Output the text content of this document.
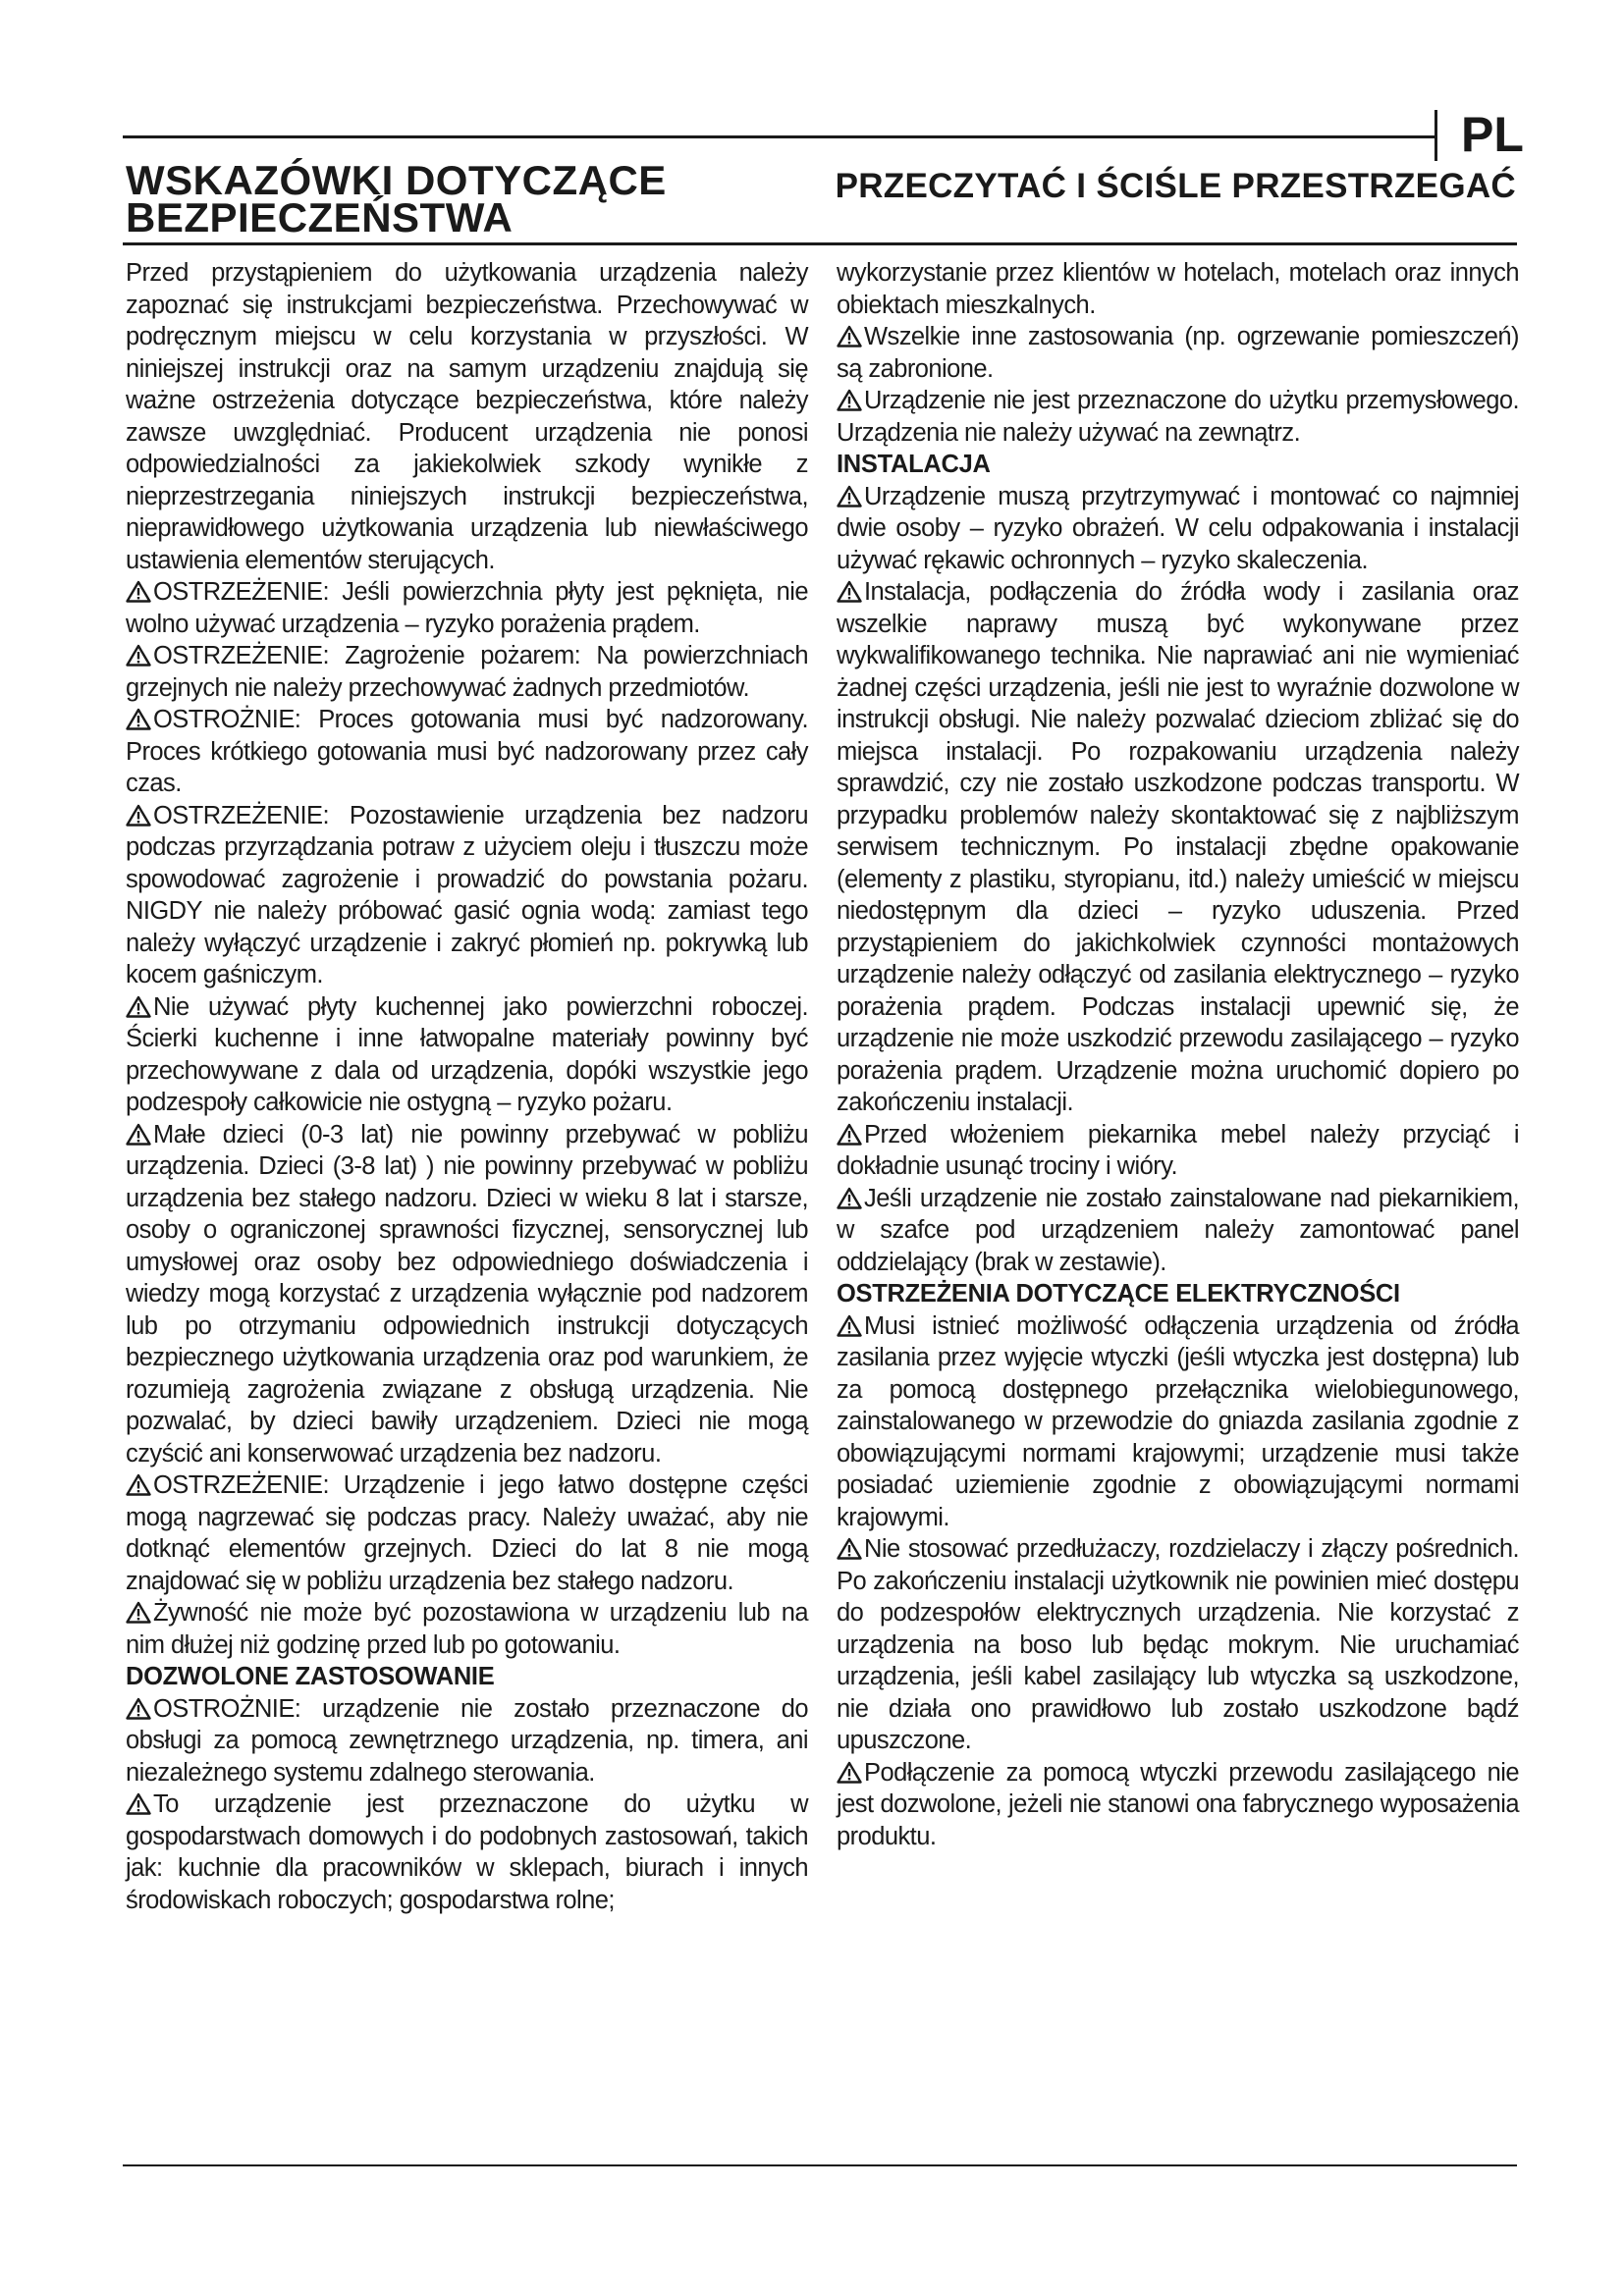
PL
WSKAZÓWKI DOTYCZĄCE BEZPIECZEŃSTWA
PRZECZYTAĆ I ŚCIŚLE PRZESTRZEGAĆ

Przed przystąpieniem do użytkowania urządzenia należy zapoznać się instrukcjami bezpieczeństwa. Przechowywać w podręcznym miejscu w celu korzystania w przyszłości. W niniejszej instrukcji oraz na samym urządzeniu znajdują się ważne ostrzeżenia dotyczące bezpieczeństwa, które należy zawsze uwzględniać. Producent urządzenia nie ponosi odpowiedzialności za jakiekolwiek szkody wynikłe z nieprzestrzegania niniejszych instrukcji bezpieczeństwa, nieprawidłowego użytkowania urządzenia lub niewłaściwego ustawienia elementów sterujących.

OSTRZEŻENIE: Jeśli powierzchnia płyty jest pęknięta, nie wolno używać urządzenia – ryzyko porażenia prądem.

OSTRZEŻENIE: Zagrożenie pożarem: Na powierzchniach grzejnych nie należy przechowywać żadnych przedmiotów.

OSTROŻNIE: Proces gotowania musi być nadzorowany. Proces krótkiego gotowania musi być nadzorowany przez cały czas.

OSTRZEŻENIE: Pozostawienie urządzenia bez nadzoru podczas przyrządzania potraw z użyciem oleju i tłuszczu może spowodować zagrożenie i prowadzić do powstania pożaru. NIGDY nie należy próbować gasić ognia wodą: zamiast tego należy wyłączyć urządzenie i zakryć płomień np. pokrywką lub kocem gaśniczym.

Nie używać płyty kuchennej jako powierzchni roboczej. Ścierki kuchenne i inne łatwopalne materiały powinny być przechowywane z dala od urządzenia, dopóki wszystkie jego podzespoły całkowicie nie ostygną – ryzyko pożaru.

Małe dzieci (0-3 lat) nie powinny przebywać w pobliżu urządzenia. Dzieci (3-8 lat) ) nie powinny przebywać w pobliżu urządzenia bez stałego nadzoru. Dzieci w wieku 8 lat i starsze, osoby o ograniczonej sprawności fizycznej, sensorycznej lub umysłowej oraz osoby bez odpowiedniego doświadczenia i wiedzy mogą korzystać z urządzenia wyłącznie pod nadzorem lub po otrzymaniu odpowiednich instrukcji dotyczących bezpiecznego użytkowania urządzenia oraz pod warunkiem, że rozumieją zagrożenia związane z obsługą urządzenia. Nie pozwalać, by dzieci bawiły urządzeniem. Dzieci nie mogą czyścić ani konserwować urządzenia bez nadzoru.

OSTRZEŻENIE: Urządzenie i jego łatwo dostępne części mogą nagrzewać się podczas pracy. Należy uważać, aby nie dotknąć elementów grzejnych. Dzieci do lat 8 nie mogą znajdować się w pobliżu urządzenia bez stałego nadzoru.

Żywność nie może być pozostawiona w urządzeniu lub na nim dłużej niż godzinę przed lub po gotowaniu.

DOZWOLONE ZASTOSOWANIE

OSTROŻNIE: urządzenie nie zostało przeznaczone do obsługi za pomocą zewnętrznego urządzenia, np. timera, ani niezależnego systemu zdalnego sterowania.

To urządzenie jest przeznaczone do użytku w gospodarstwach domowych i do podobnych zastosowań, takich jak: kuchnie dla pracowników w sklepach, biurach i innych środowiskach roboczych; gospodarstwa rolne;

wykorzystanie przez klientów w hotelach, motelach oraz innych obiektach mieszkalnych.

Wszelkie inne zastosowania (np. ogrzewanie pomieszczeń) są zabronione.

Urządzenie nie jest przeznaczone do użytku przemysłowego. Urządzenia nie należy używać na zewnątrz.

INSTALACJA

Urządzenie muszą przytrzymywać i montować co najmniej dwie osoby – ryzyko obrażeń. W celu odpakowania i instalacji używać rękawic ochronnych – ryzyko skaleczenia.

Instalacja, podłączenia do źródła wody i zasilania oraz wszelkie naprawy muszą być wykonywane przez wykwalifikowanego technika. Nie naprawiać ani nie wymieniać żadnej części urządzenia, jeśli nie jest to wyraźnie dozwolone w instrukcji obsługi. Nie należy pozwalać dzieciom zbliżać się do miejsca instalacji. Po rozpakowaniu urządzenia należy sprawdzić, czy nie zostało uszkodzone podczas transportu. W przypadku problemów należy skontaktować się z najbliższym serwisem technicznym. Po instalacji zbędne opakowanie (elementy z plastiku, styropianu, itd.) należy umieścić w miejscu niedostępnym dla dzieci – ryzyko uduszenia. Przed przystąpieniem do jakichkolwiek czynności montażowych urządzenie należy odłączyć od zasilania elektrycznego – ryzyko porażenia prądem. Podczas instalacji upewnić się, że urządzenie nie może uszkodzić przewodu zasilającego – ryzyko porażenia prądem. Urządzenie można uruchomić dopiero po zakończeniu instalacji.

Przed włożeniem piekarnika mebel należy przyciąć i dokładnie usunąć trociny i wióry.

Jeśli urządzenie nie zostało zainstalowane nad piekarnikiem, w szafce pod urządzeniem należy zamontować panel oddzielający (brak w zestawie).

OSTRZEŻENIA DOTYCZĄCE ELEKTRYCZNOŚCI

Musi istnieć możliwość odłączenia urządzenia od źródła zasilania przez wyjęcie wtyczki (jeśli wtyczka jest dostępna) lub za pomocą dostępnego przełącznika wielobiegunowego, zainstalowanego w przewodzie do gniazda zasilania zgodnie z obowiązującymi normami krajowymi; urządzenie musi także posiadać uziemienie zgodnie z obowiązującymi normami krajowymi.

Nie stosować przedłużaczy, rozdzielaczy i złączy pośrednich. Po zakończeniu instalacji użytkownik nie powinien mieć dostępu do podzespołów elektrycznych urządzenia. Nie korzystać z urządzenia na boso lub będąc mokrym. Nie uruchamiać urządzenia, jeśli kabel zasilający lub wtyczka są uszkodzone, nie działa ono prawidłowo lub zostało uszkodzone bądź upuszczone.

Podłączenie za pomocą wtyczki przewodu zasilającego nie jest dozwolone, jeżeli nie stanowi ona fabrycznego wyposażenia produktu.
